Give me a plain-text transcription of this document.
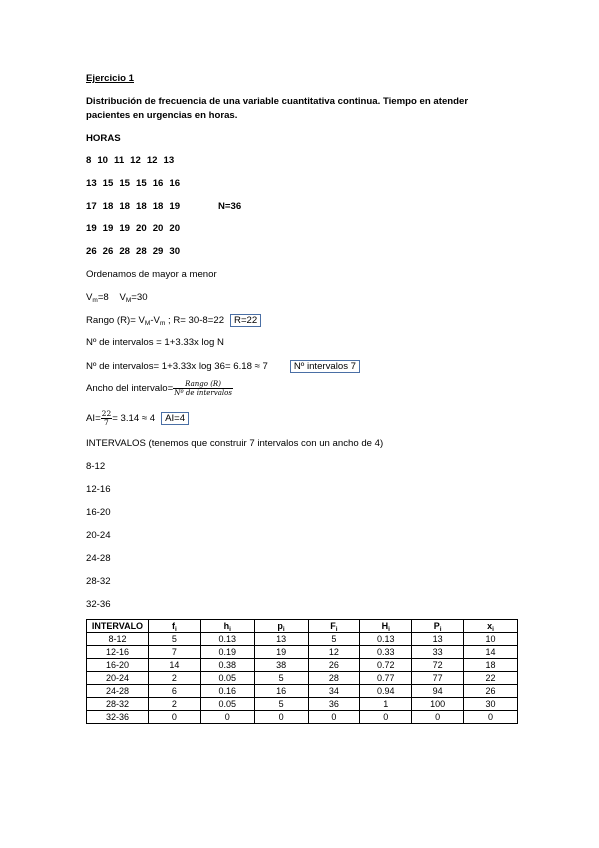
Ejercicio 1
Distribución de frecuencia de una variable cuantitativa continua. Tiempo en atender
pacientes en urgencias en horas.
HORAS
8 10 11 12 12 13
13 15 15 15 16 16
17 18 18 18 18 19	N=36
19 19 19 20 20 20
26 26 28 28 29 30
Ordenamos de mayor a menor
$V_m=8$ $V_M=30$
Rango $(R)= V_M-V_m$ ; R= 30-8=22 R=22
Nº de intervalos = 1+3.33x log N
Nº de intervalos= 1+3.33x log 36= 6.18 ≈ 7	Nº intervalos 7
Ancho del intervalo= $\frac{\text{Rango (R)}}{\text{Nº de intervalos}}$
$AI= \frac{22}{7} = 3.14 \approx 4$ AI=4
INTERVALOS (tenemos que construir 7 intervalos con un ancho de 4)
8-12
12-16
16-20
20-24
24-28
28-32
32-36
INTERVALO	$f_i$	$h_i$	$p_i$	$F_i$	$H_i$	$P_i$	$x_i$
8-12	5	0.13	13	5	0.13	13	10
12-16	7	0.19	19	12	0.33	33	14
16-20	14	0.38	38	26	0.72	72	18
20-24	2	0.05	5	28	0.77	77	22
24-28	6	0.16	16	34	0.94	94	26
28-32	2	0.05	5	36	1	100	30
32-36	0	0	0	0	0	0	0
